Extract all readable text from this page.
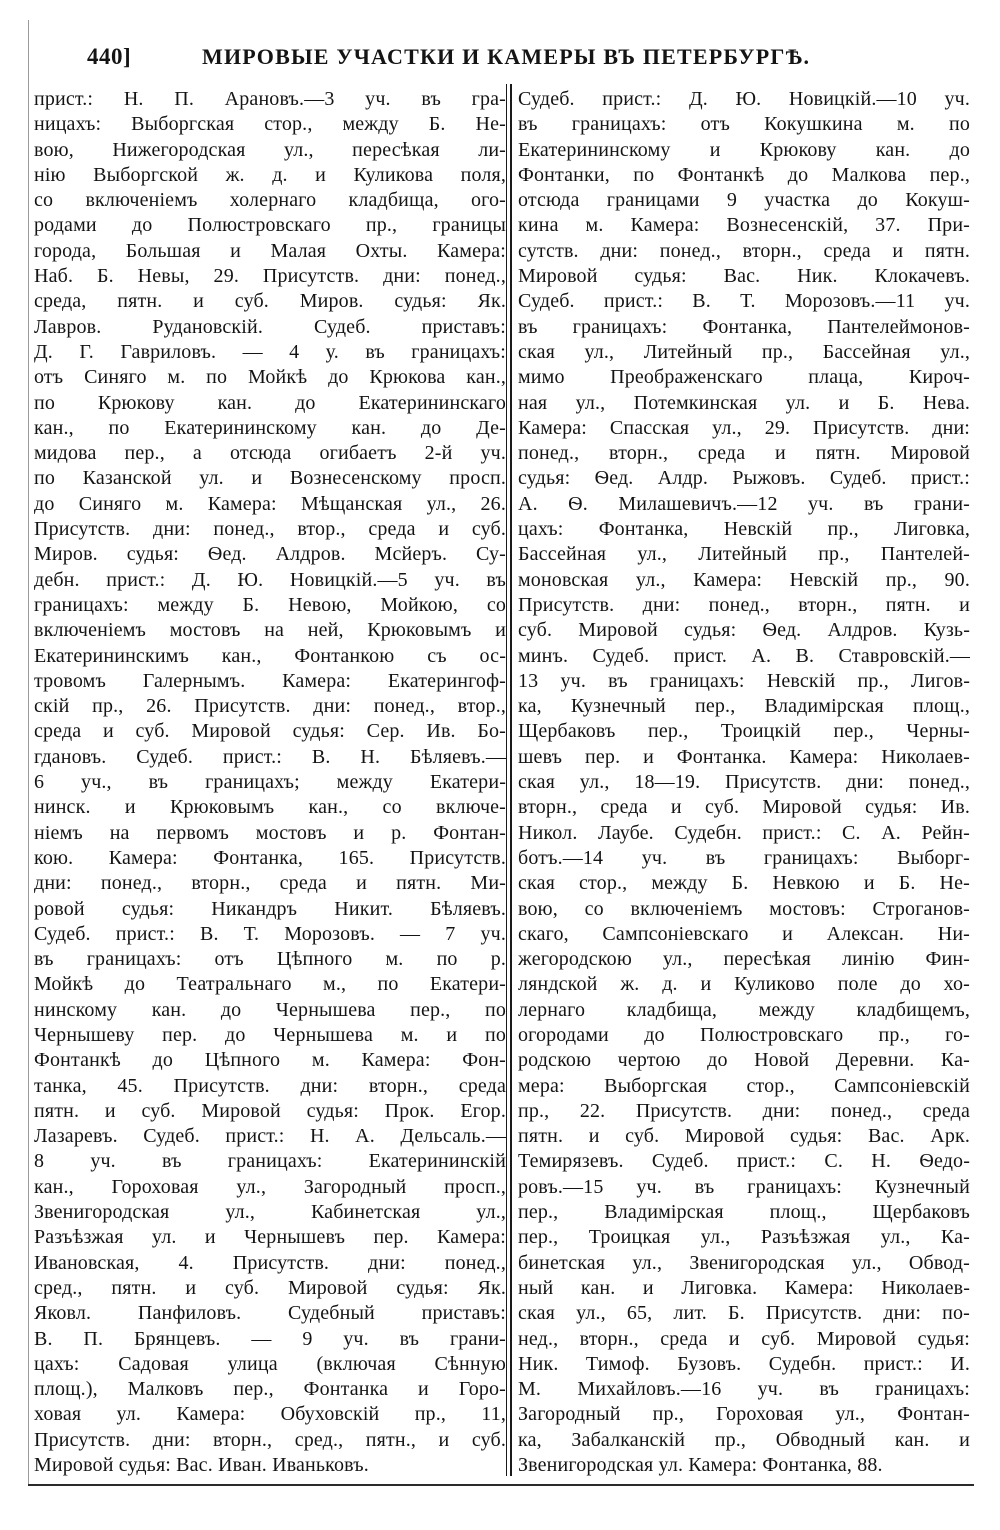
440]	МИРОВЫЕ УЧАСТКИ И КАМЕРЫ ВЪ ПЕТЕРБУРГѢ.
прист.: Н. П. Арановъ.—3 уч. въ гра-
ницахъ: Выборгская стор., между Б. Не-
вою, Нижегородская ул., пересѣкая ли-
нію Выборгской ж. д. и Куликова поля,
со включеніемъ холернаго кладбища, ого-
родами до Полюстровскаго пр., границы
города, Большая и Малая Охты. Камера:
Наб. Б. Невы, 29. Присутств. дни: понед.,
среда, пятн. и суб. Миров. судья: Як.
Лавров. Рудановскій. Судеб. приставъ:
Д. Г. Гавриловъ. — 4 у. въ границахъ:
отъ Синяго м. по Мойкѣ до Крюкова кан.,
по Крюкову кан. до Екатерининскаго
кан., по Екатерининскому кан. до Де-
мидова пер., а отсюда огибаетъ 2-й уч.
по Казанской ул. и Вознесенскому просп.
до Синяго м. Камера: Мѣщанская ул., 26.
Присутств. дни: понед., втор., среда и суб.
Миров. судья: Ѳед. Алдров. Мсйеръ. Су-
дебн. прист.: Д. Ю. Новицкій.—5 уч. въ
границахъ: между Б. Невою, Мойкою, со
включеніемъ мостовъ на ней, Крюковымъ и
Екатерининскимъ кан., Фонтанкою съ ос-
тровомъ Галернымъ. Камера: Екатерингоф-
скій пр., 26. Присутств. дни: понед., втор.,
среда и суб. Мировой судья: Сер. Ив. Бо-
гдановъ. Судеб. прист.: В. Н. Бѣляевъ.—
6 уч., въ границахъ; между Екатери-
нинск. и Крюковымъ кан., со включе-
ніемъ на первомъ мостовъ и р. Фонтан-
кою. Камера: Фонтанка, 165. Присутств.
дни: понед., вторн., среда и пятн. Ми-
ровой судья: Никандръ Никит. Бѣляевъ.
Судеб. прист.: В. Т. Морозовъ. — 7 уч.
въ границахъ: отъ Цѣпного м. по р.
Мойкѣ до Театральнаго м., по Екатери-
нинскому кан. до Чернышева пер., по
Чернышеву пер. до Чернышева м. и по
Фонтанкѣ до Цѣпного м. Камера: Фон-
танка, 45. Присутств. дни: вторн., среда
пятн. и суб. Мировой судья: Прок. Егор.
Лазаревъ. Судеб. прист.: Н. А. Дельсаль.—
8 уч. въ границахъ: Екатерининскій
кан., Гороховая ул., Загородный просп.,
Звенигородская ул., Кабинетская ул.,
Разъѣзжая ул. и Чернышевъ пер. Камера:
Ивановская, 4. Присутств. дни: понед.,
сред., пятн. и суб. Мировой судья: Як.
Яковл. Панфиловъ. Судебный приставъ:
В. П. Брянцевъ. — 9 уч. въ грани-
цахъ: Садовая улица (включая Сѣнную
площ.), Малковъ пер., Фонтанка и Горо-
ховая ул. Камера: Обуховскій пр., 11,
Присутств. дни: вторн., сред., пятн., и суб.
Мировой судья: Вас. Иван. Иваньковъ.
Судеб. прист.: Д. Ю. Новицкій.—10 уч.
въ границахъ: отъ Кокушкина м. по
Екатерининскому и Крюкову кан. до
Фонтанки, по Фонтанкѣ до Малкова пер.,
отсюда границами 9 участка до Кокуш-
кина м. Камера: Вознесенскій, 37. При-
сутств. дни: понед., вторн., среда и пятн.
Мировой судья: Вас. Ник. Клокачевъ.
Судеб. прист.: В. Т. Морозовъ.—11 уч.
въ границахъ: Фонтанка, Пантелеймонов-
ская ул., Литейный пр., Бассейная ул.,
мимо Преображенскаго плаца, Кироч-
ная ул., Потемкинская ул. и Б. Нева.
Камера: Спасская ул., 29. Присутств. дни:
понед., вторн., среда и пятн. Мировой
судья: Ѳед. Алдр. Рыжовъ. Судеб. прист.:
А. Ѳ. Милашевичъ.—12 уч. въ грани-
цахъ: Фонтанка, Невскій пр., Лиговка,
Бассейная ул., Литейный пр., Пантелей-
моновская ул., Камера: Невскій пр., 90.
Присутств. дни: понед., вторн., пятн. и
суб. Мировой судья: Ѳед. Алдров. Кузь-
минъ. Судеб. прист. А. В. Ставровскій.—
13 уч. въ границахъ: Невскій пр., Лигов-
ка, Кузнечный пер., Владимірская площ.,
Щербаковъ пер., Троицкій пер., Черны-
шевъ пер. и Фонтанка. Камера: Николаев-
ская ул., 18—19. Присутств. дни: понед.,
вторн., среда и суб. Мировой судья: Ив.
Никол. Лаубе. Судебн. прист.: С. А. Рейн-
ботъ.—14 уч. въ границахъ: Выборг-
ская стор., между Б. Невкою и Б. Не-
вою, со включеніемъ мостовъ: Строганов-
скаго, Сампсоніевскаго и Алексан. Ни-
жегородскою ул., пересѣкая линію Фин-
ляндской ж. д. и Куликово поле до хо-
лернаго кладбища, между кладбищемъ,
огородами до Полюстровскаго пр., го-
родскою чертою до Новой Деревни. Ка-
мера: Выборгская стор., Сампсоніевскій
пр., 22. Присутств. дни: понед., среда
пятн. и суб. Мировой судья: Вас. Арк.
Темирязевъ. Судеб. прист.: С. Н. Ѳедо-
ровъ.—15 уч. въ границахъ: Кузнечный
пер., Владимірская площ., Щербаковъ
пер., Троицкая ул., Разъѣзжая ул., Ка-
бинетская ул., Звенигородская ул., Обвод-
ный кан. и Лиговка. Камера: Николаев-
ская ул., 65, лит. Б. Присутств. дни: по-
нед., вторн., среда и суб. Мировой судья:
Ник. Тимоф. Бузовъ. Судебн. прист.: И.
М. Михайловъ.—16 уч. въ границахъ:
Загородный пр., Гороховая ул., Фонтан-
ка, Забалканскій пр., Обводный кан. и
Звенигородская ул. Камера: Фонтанка, 88.
